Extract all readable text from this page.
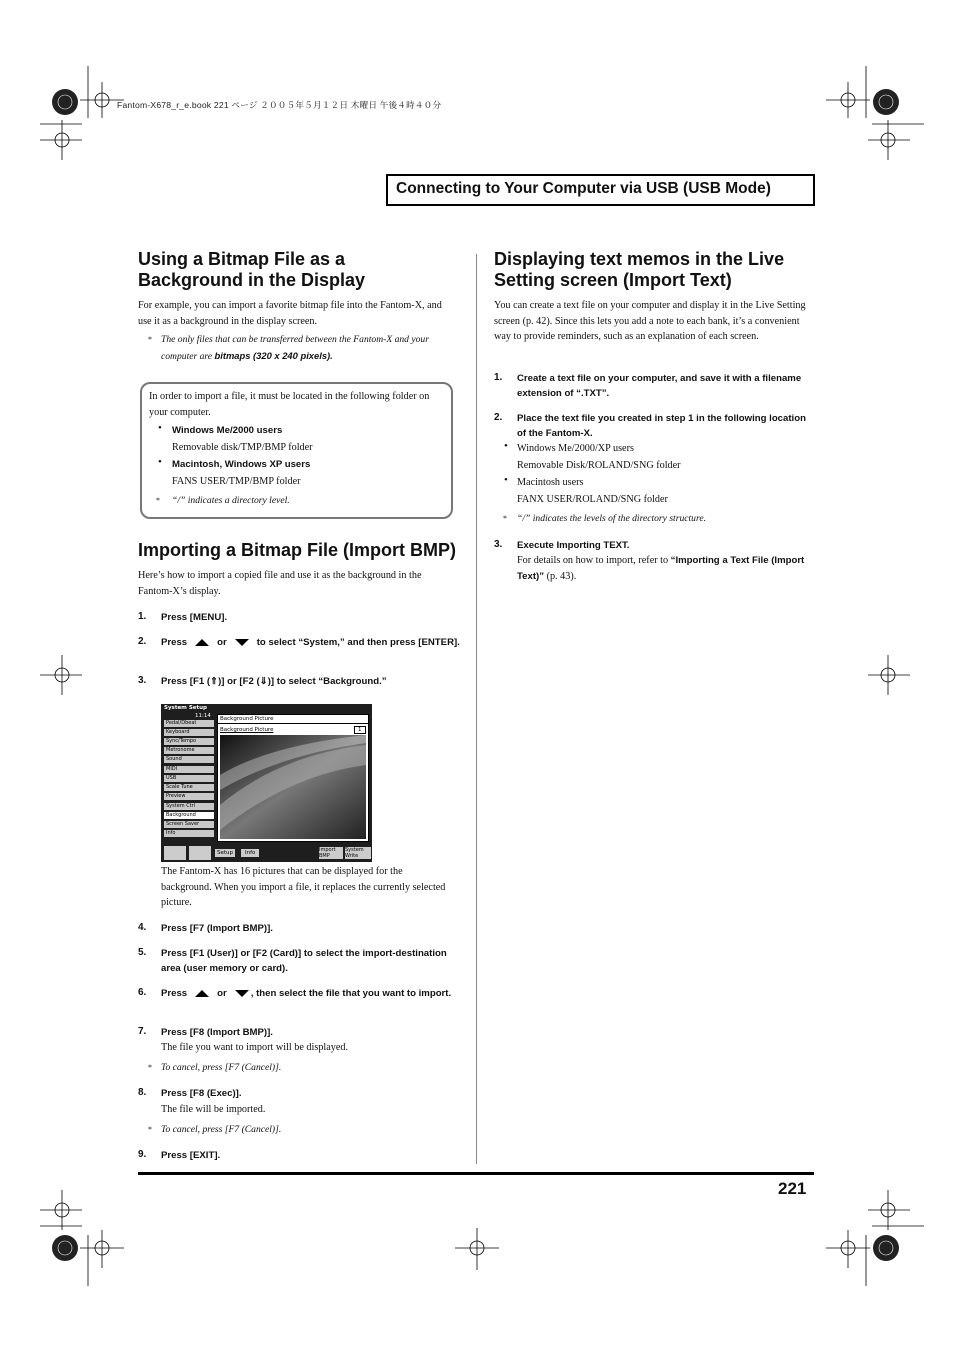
Fantom-X678_r_e.book 221 ページ ２００５年５月１２日 木曜日 午後４時４０分
Connecting to Your Computer via USB (USB Mode)
Using a Bitmap File as a Background in the Display
For example, you can import a favorite bitmap file into the Fantom-X, and use it as a background in the display screen.
* The only files that can be transferred between the Fantom-X and your computer are bitmaps (320 x 240 pixels).
In order to import a file, it must be located in the following folder on your computer.
• Windows Me/2000 users
Removable disk/TMP/BMP folder
• Macintosh, Windows XP users
FANS USER/TMP/BMP folder
* “/” indicates a directory level.
Importing a Bitmap File (Import BMP)
Here’s how to import a copied file and use it as the background in the Fantom-X’s display.
1. Press [MENU].
2. Press	or	to select “System,” and then press [ENTER].
3. Press [F1 (⇑)] or [F2 (⇓)] to select “Background.”
System Setup
11:14
Pedal/Dbeat
Keyboard
Sync/Tempo
Metronome
Sound
MIDI
USB
Scale Tune
Preview
System Ctrl
Background
Screen Saver
Info
Background Picture
Background Picture	1
Setup	Info	Import BMP
System Write
The Fantom-X has 16 pictures that can be displayed for the background. When you import a file, it replaces the currently selected picture.
4. Press [F7 (Import BMP)].
5. Press [F1 (User)] or [F2 (Card)] to select the import-destination area (user memory or card).
6. Press	or	, then select the file that you want to import.
7. Press [F8 (Import BMP)].
The file you want to import will be displayed.
* To cancel, press [F7 (Cancel)].
8. Press [F8 (Exec)].
The file will be imported.
* To cancel, press [F7 (Cancel)].
9. Press [EXIT].
Displaying text memos in the Live Setting screen (Import Text)
You can create a text file on your computer and display it in the Live Setting screen (p. 42). Since this lets you add a note to each bank, it’s a convenient way to provide reminders, such as an explanation of each screen.
1. Create a text file on your computer, and save it with a filename extension of “.TXT”.
2. Place the text file you created in step 1 in the following location of the Fantom-X.
• Windows Me/2000/XP users
Removable Disk/ROLAND/SNG folder
• Macintosh users
FANX USER/ROLAND/SNG folder
* “/” indicates the levels of the directory structure.
3. Execute Importing TEXT.
For details on how to import, refer to “Importing a Text File (Import Text)” (p. 43).
221
